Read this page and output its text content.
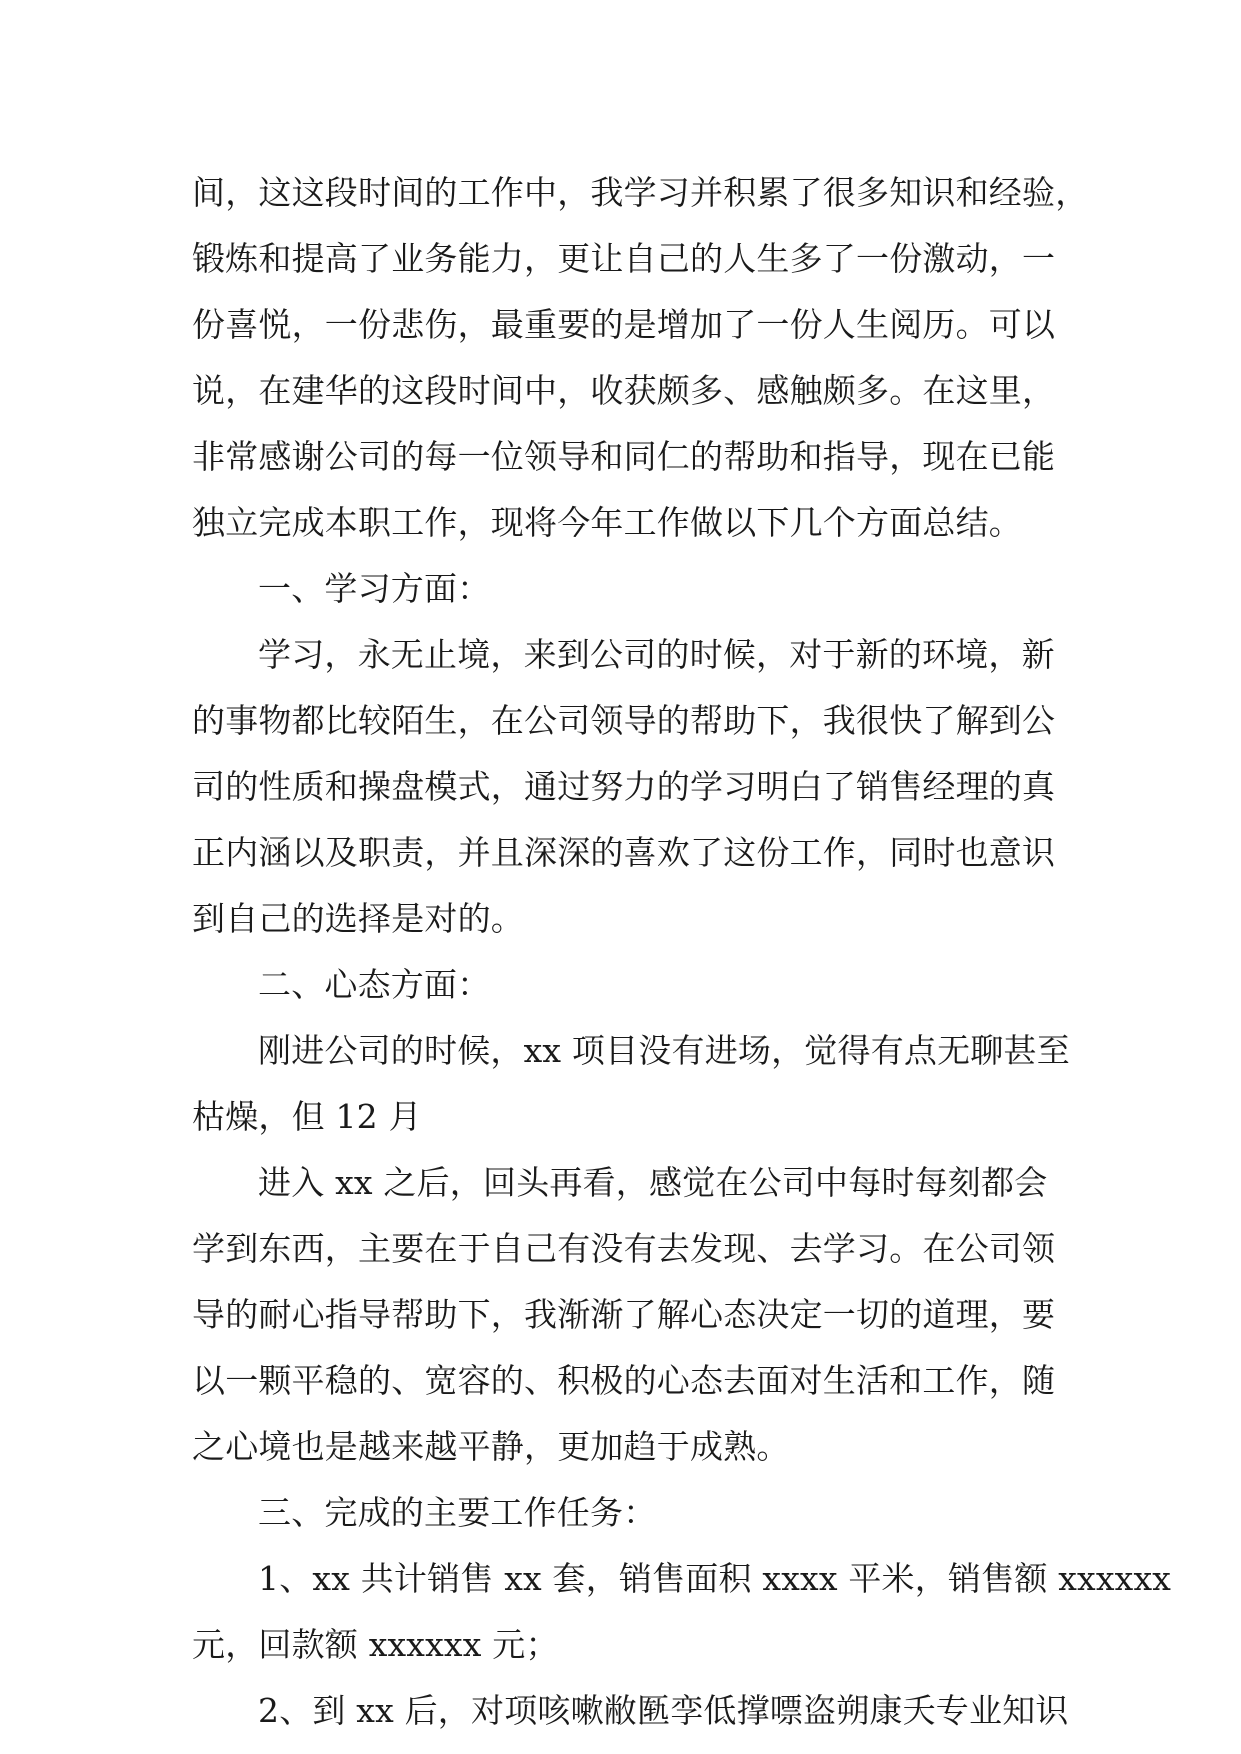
间，这这段时间的工作中，我学习并积累了很多知识和经验，
锻炼和提高了业务能力，更让自己的人生多了一份激动，一
份喜悦，一份悲伤，最重要的是增加了一份人生阅历。可以
说，在建华的这段时间中，收获颇多、感触颇多。在这里，
非常感谢公司的每一位领导和同仁的帮助和指导，现在已能
独立完成本职工作，现将今年工作做以下几个方面总结。
一、学习方面：
学习，永无止境，来到公司的时候，对于新的环境，新
的事物都比较陌生，在公司领导的帮助下，我很快了解到公
司的性质和操盘模式，通过努力的学习明白了销售经理的真
正内涵以及职责，并且深深的喜欢了这份工作，同时也意识
到自己的选择是对的。
二、心态方面：
刚进公司的时候，xx 项目没有进场，觉得有点无聊甚至
枯燥，但 12 月
进入 xx 之后，回头再看，感觉在公司中每时每刻都会
学到东西，主要在于自己有没有去发现、去学习。在公司领
导的耐心指导帮助下，我渐渐了解心态决定一切的道理，要
以一颗平稳的、宽容的、积极的心态去面对生活和工作，随
之心境也是越来越平静，更加趋于成熟。
三、完成的主要工作任务：
1、xx 共计销售 xx 套，销售面积 xxxx 平米，销售额 xxxxxx
元，回款额 xxxxxx 元；
2、到 xx 后，对项咳嗽敝匦孪低撑嘌盗朔康夭专业知识
